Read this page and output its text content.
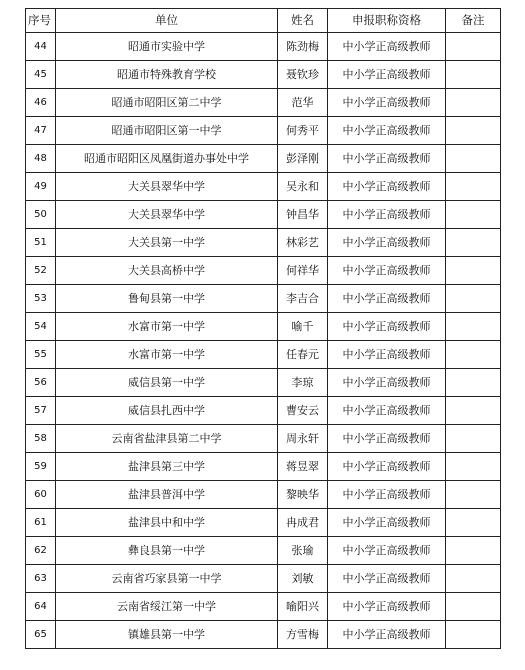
序号	单位	姓名	申报职称资格	备注
44	昭通市实验中学	陈劲梅	中小学正高级教师	
45	昭通市特殊教育学校	聂钦珍	中小学正高级教师	
46	昭通市昭阳区第二中学	范华	中小学正高级教师	
47	昭通市昭阳区第一中学	何秀平	中小学正高级教师	
48	昭通市昭阳区凤凰街道办事处中学	彭泽刚	中小学正高级教师	
49	大关县翠华中学	吴永和	中小学正高级教师	
50	大关县翠华中学	钟昌华	中小学正高级教师	
51	大关县第一中学	林彩艺	中小学正高级教师	
52	大关县高桥中学	何祥华	中小学正高级教师	
53	鲁甸县第一中学	李吉合	中小学正高级教师	
54	水富市第一中学	喻千	中小学正高级教师	
55	水富市第一中学	任春元	中小学正高级教师	
56	威信县第一中学	李琼	中小学正高级教师	
57	威信县扎西中学	曹安云	中小学正高级教师	
58	云南省盐津县第二中学	周永轩	中小学正高级教师	
59	盐津县第三中学	蒋昱翠	中小学正高级教师	
60	盐津县普洱中学	黎映华	中小学正高级教师	
61	盐津县中和中学	冉成君	中小学正高级教师	
62	彝良县第一中学	张瑜	中小学正高级教师	
63	云南省巧家县第一中学	刘敏	中小学正高级教师	
64	云南省绥江第一中学	喻阳兴	中小学正高级教师	
65	镇雄县第一中学	方雪梅	中小学正高级教师	
